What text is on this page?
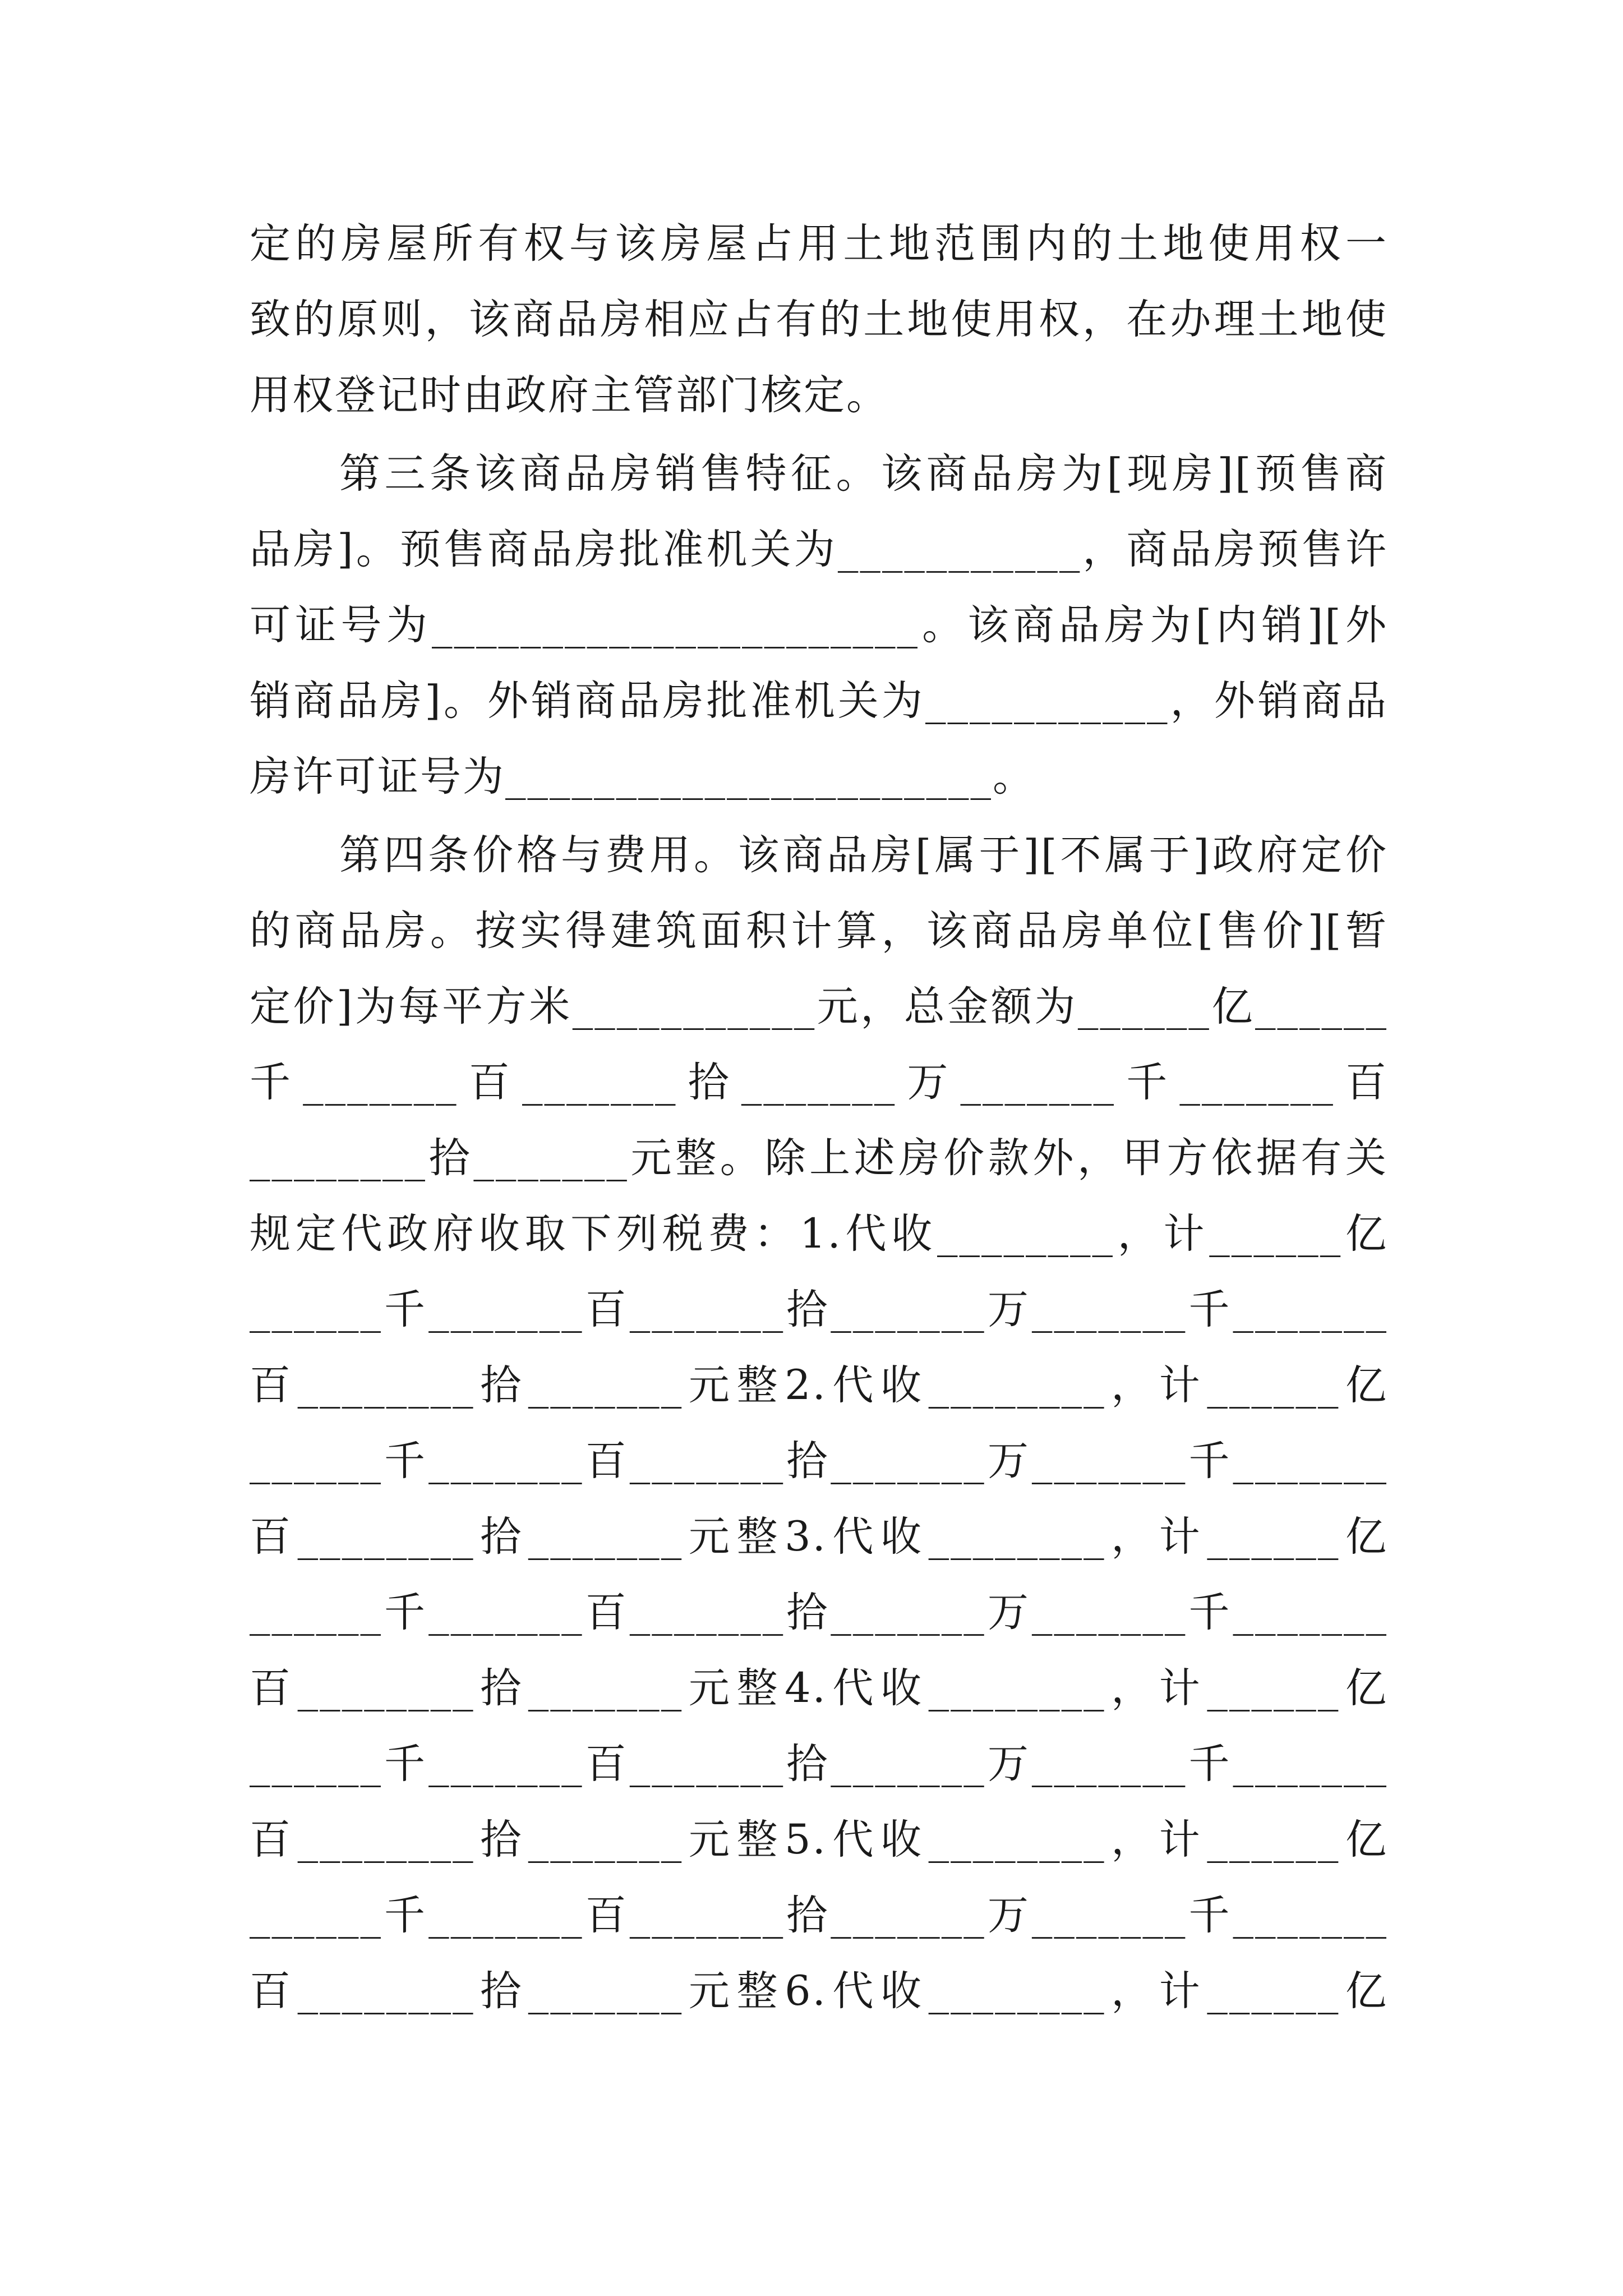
定的房屋所有权与该房屋占用土地范围内的土地使用权一
致的原则，该商品房相应占有的土地使用权，在办理土地使
用权登记时由政府主管部门核定。
第三条该商品房销售特征。该商品房为[现房][预售商
品房]。预售商品房批准机关为___________，商品房预售许
可证号为______________________。该商品房为[内销][外
销商品房]。外销商品房批准机关为___________，外销商品
房许可证号为______________________。
第四条价格与费用。该商品房[属于][不属于]政府定价
的商品房。按实得建筑面积计算，该商品房单位[售价][暂
定价]为每平方米___________元，总金额为______亿______
千_______百_______拾_______万_______千_______百
________拾_______元整。除上述房价款外，甲方依据有关
规定代政府收取下列税费：1.代收________，计______亿
______千_______百_______拾_______万_______千_______
百________拾_______元整2.代收________，计______亿
______千_______百_______拾_______万_______千_______
百________拾_______元整3.代收________，计______亿
______千_______百_______拾_______万_______千_______
百________拾_______元整4.代收________，计______亿
______千_______百_______拾_______万_______千_______
百________拾_______元整5.代收________，计______亿
______千_______百_______拾_______万_______千_______
百________拾_______元整6.代收________，计______亿
